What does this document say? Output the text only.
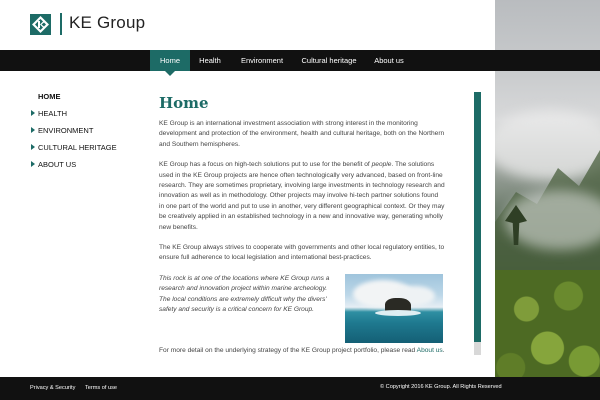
KE Group
Home	Health	Environment	Cultural heritage	About us
HOME
HEALTH
ENVIRONMENT
CULTURAL HERITAGE
ABOUT US
Home

KE Group is an international investment association with strong interest in the monitoring development and protection of the environment, health and cultural heritage, both on the Northern and Southern hemispheres.

KE Group has a focus on high-tech solutions put to use for the benefit of people. The solutions used in the KE Group projects are hence often technologically very advanced, based on front-line research. They are sometimes proprietary, involving large investments in technology research and innovation as well as in methodology. Other projects may involve hi-tech partner solutions found in one part of the world and put to use in another, very different geographical context. Or they may be creatively applied in an established technology in a new and innovative way, generating wholly new benefits.

The KE Group always strives to cooperate with governments and other local regulatory entities, to ensure full adherence to local legislation and international best-practices.

This rock is at one of the locations where KE Group runs a research and innovation project within marine archeology. The local conditions are extremely difficult why the divers' safety and security is a critical concern for KE Group.

For more detail on the underlying strategy of the KE Group project portfolio, please read About us.

Privacy & Security Terms of use	© Copyright 2016 KE Group. All Rights Reserved
